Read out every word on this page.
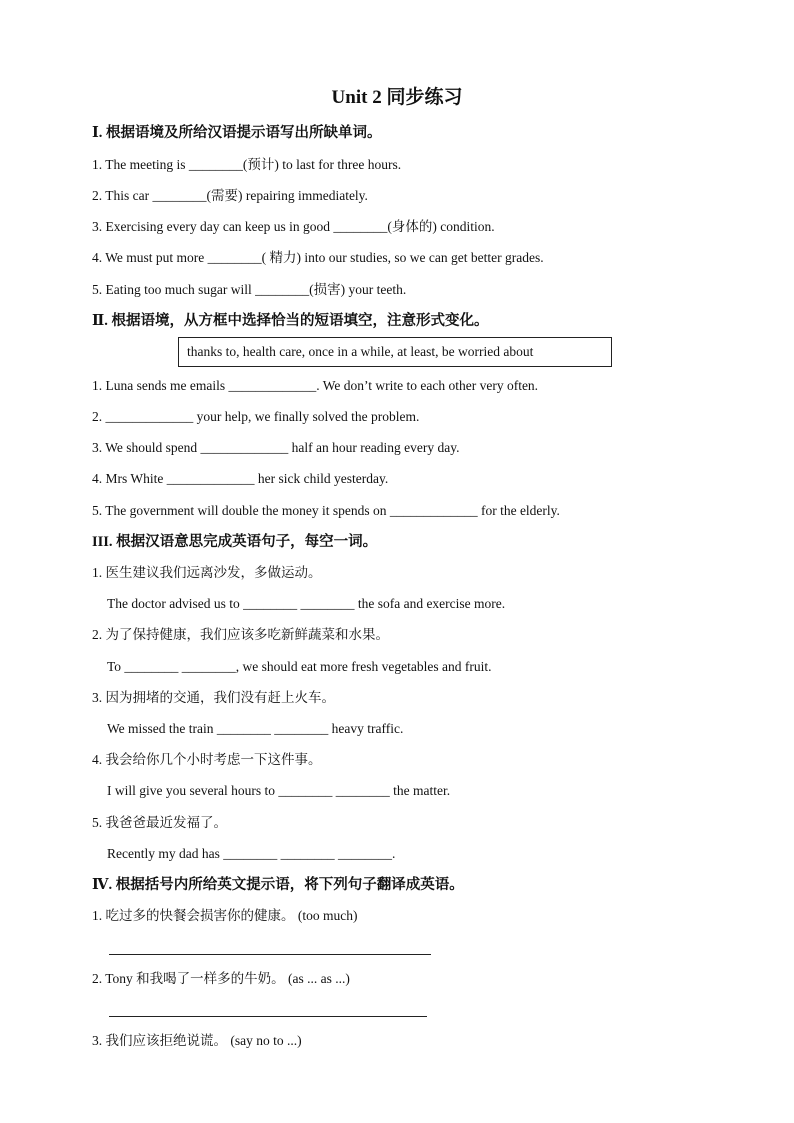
Unit 2 同步练习
Ⅰ. 根据语境及所给汉语提示语写出所缺单词。
1. The meeting is ________(预计) to last for three hours.
2. This car ________(需要) repairing immediately.
3. Exercising every day can keep us in good ________(身体的) condition.
4. We must put more ________( 精力) into our studies, so we can get better grades.
5. Eating too much sugar will ________(损害) your teeth.
Ⅱ. 根据语境，从方框中选择恰当的短语填空，注意形式变化。
thanks to, health care, once in a while, at least, be worried about
1. Luna sends me emails _____________. We don’t write to each other very often.
2. _____________ your help, we finally solved the problem.
3. We should spend _____________ half an hour reading every day.
4. Mrs White _____________ her sick child yesterday.
5. The government will double the money it spends on _____________ for the elderly.
III. 根据汉语意思完成英语句子，每空一词。
1. 医生建议我们远离沙发，多做运动。
The doctor advised us to ________ ________ the sofa and exercise more.
2. 为了保持健康，我们应该多吃新鲜蔬菜和水果。
To ________ ________, we should eat more fresh vegetables and fruit.
3. 因为拥堵的交通，我们没有赶上火车。
We missed the train ________ ________ heavy traffic.
4. 我会给你几个小时考虑一下这件事。
I will give you several hours to ________ ________ the matter.
5. 我爸爸最近发福了。
Recently my dad has ________ ________ ________.
Ⅳ. 根据括号内所给英文提示语，将下列句子翻译成英语。
1. 吃过多的快餐会损害你的健康。 (too much)
2. Tony 和我喝了一样多的牛奶。 (as ... as ...)
3. 我们应该拒绝说谎。 (say no to ...)
